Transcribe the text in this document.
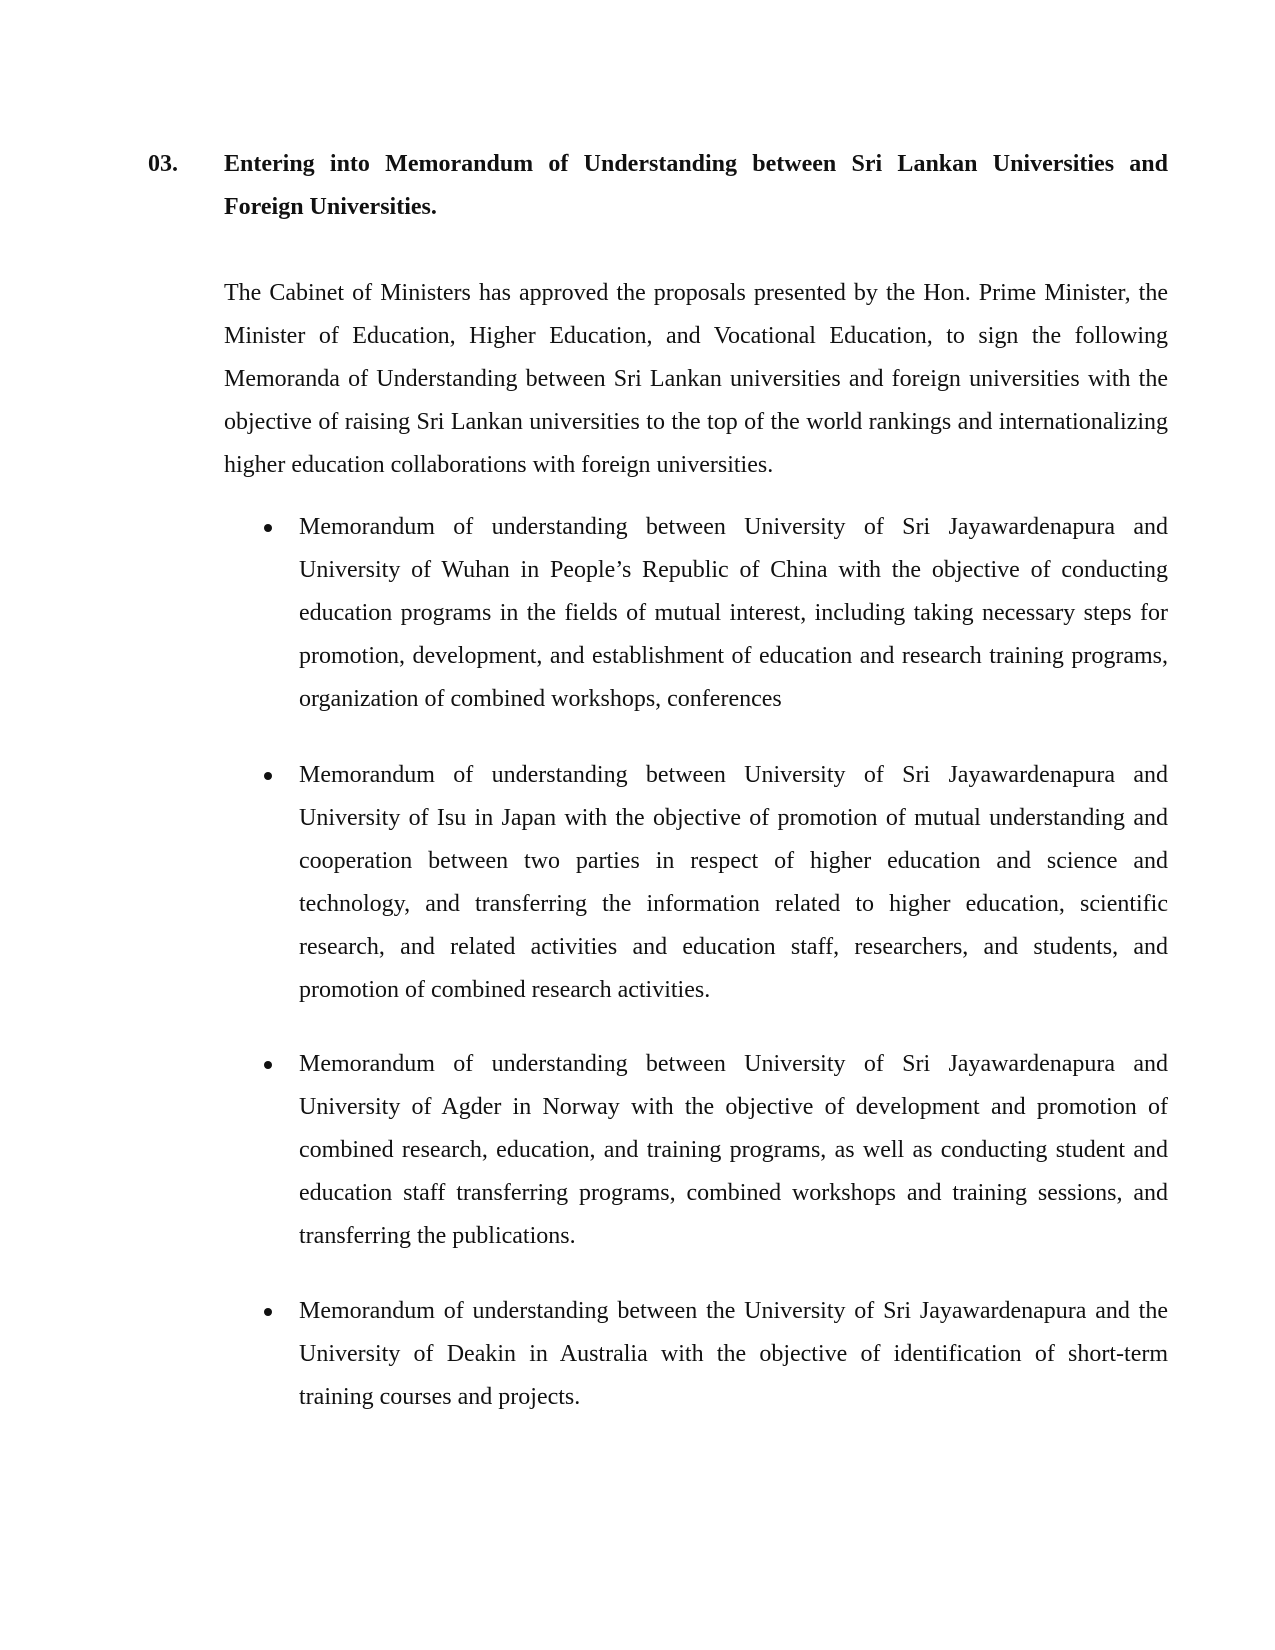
03.	Entering into Memorandum of Understanding between Sri Lankan Universities and Foreign Universities.

The Cabinet of Ministers has approved the proposals presented by the Hon. Prime Minister, the Minister of Education, Higher Education, and Vocational Education, to sign the following Memoranda of Understanding between Sri Lankan universities and foreign universities with the objective of raising Sri Lankan universities to the top of the world rankings and internationalizing higher education collaborations with foreign universities.

Memorandum of understanding between University of Sri Jayawardenapura and University of Wuhan in People’s Republic of China with the objective of conducting education programs in the fields of mutual interest, including taking necessary steps for promotion, development, and establishment of education and research training programs, organization of combined workshops, conferences
Memorandum of understanding between University of Sri Jayawardenapura and University of Isu in Japan with the objective of promotion of mutual understanding and cooperation between two parties in respect of higher education and science and technology, and transferring the information related to higher education, scientific research, and related activities and education staff, researchers, and students, and promotion of combined research activities.
Memorandum of understanding between University of Sri Jayawardenapura and University of Agder in Norway with the objective of development and promotion of combined research, education, and training programs, as well as conducting student and education staff transferring programs, combined workshops and training sessions, and transferring the publications.
Memorandum of understanding between the University of Sri Jayawardenapura and the University of Deakin in Australia with the objective of identification of short-term training courses and projects.
